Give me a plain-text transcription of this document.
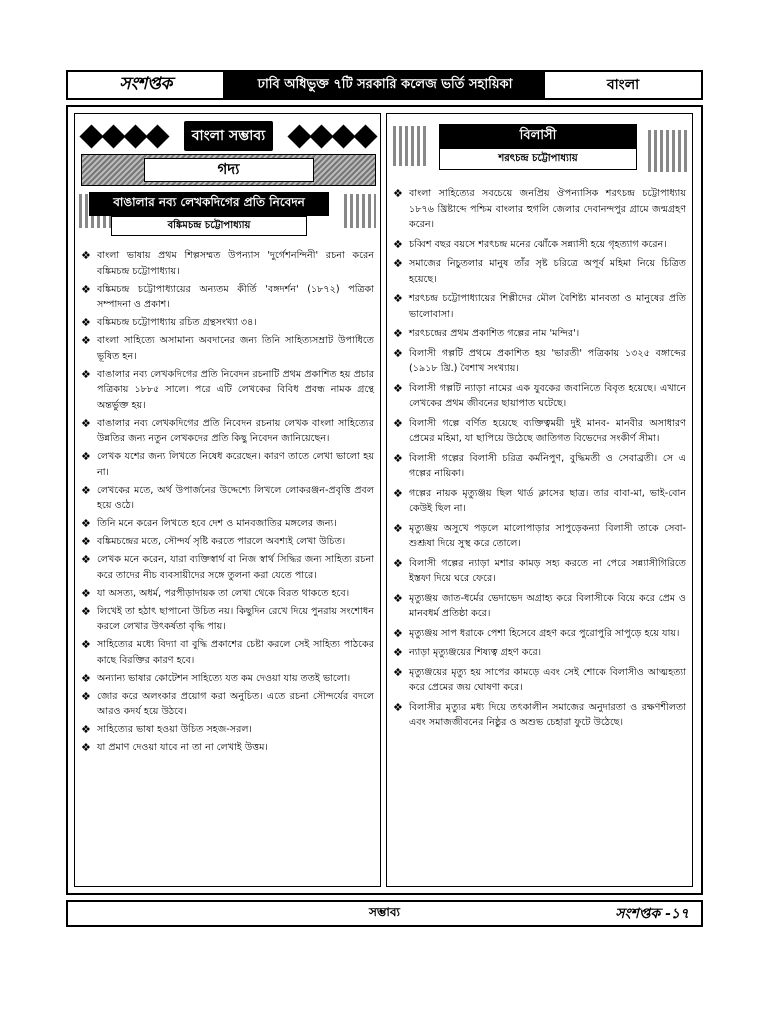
সংশপ্তক	ঢাবি অধিভুক্ত ৭টি সরকারি কলেজ ভর্তি সহায়িকা	বাংলা
বাংলা সম্ভাব্য
গদ্য
বাঙালার নব্য লেখকদিগের প্রতি নিবেদন
বঙ্কিমচন্দ্র চট্টোপাধ্যায়
❖ বাংলা ভাষায় প্রথম শিল্পসম্মত উপন্যাস 'দুর্গেশনন্দিনী' রচনা করেন বঙ্কিমচন্দ্র চট্টোপাধ্যায়।
❖ বঙ্কিমচন্দ্র চট্টোপাধ্যায়ের অন্যতম কীর্তি 'বঙ্গদর্শন' (১৮৭২) পত্রিকা সম্পাদনা ও প্রকাশ।
❖ বঙ্কিমচন্দ্র চট্টোপাধ্যায় রচিত গ্রন্থসংখ্যা ৩৪।
❖ বাংলা সাহিত্যে অসামান্য অবদানের জন্য তিনি সাহিত্যসম্রাট উপাধিতে ভূষিত হন।
❖ বাঙালার নব্য লেখকদিগের প্রতি নিবেদন রচনাটি প্রথম প্রকাশিত হয় প্রচার পত্রিকায় ১৮৮৫ সালে। পরে এটি লেখকের বিবিধ প্রবন্ধ নামক গ্রন্থে অন্তর্ভুক্ত হয়।
❖ বাঙালার নব্য লেখকদিগের প্রতি নিবেদন রচনায় লেখক বাংলা সাহিত্যের উন্নতির জন্য নতুন লেখকদের প্রতি কিছু নিবেদন জানিয়েছেন।
❖ লেখক যশের জন্য লিখতে নিষেধ করেছেন। কারণ তাতে লেখা ভালো হয় না।
❖ লেখকের মতে, অর্থ উপার্জনের উদ্দেশ্যে লিখলে লোকরঞ্জন-প্রবৃত্তি প্রবল হয়ে ওঠে।
❖ তিনি মনে করেন লিখতে হবে দেশ ও মানবজাতির মঙ্গলের জন্য।
❖ বঙ্কিমচন্দ্রের মতে, সৌন্দর্য সৃষ্টি করতে পারলে অবশ্যই লেখা উচিত।
❖ লেখক মনে করেন, যারা ব্যক্তিস্বার্থ বা নিজ স্বার্থ সিদ্ধির জন্য সাহিত্য রচনা করে তাদের নীচ ব্যবসায়ীদের সঙ্গে তুলনা করা যেতে পারে।
❖ যা অসত্য, অধর্ম, পরপীড়াদায়ক তা লেখা থেকে বিরত থাকতে হবে।
❖ লিখেই তা হঠাৎ ছাপানো উচিত নয়। কিছুদিন রেখে দিয়ে পুনরায় সংশোধন করলে লেখার উৎকর্ষতা বৃদ্ধি পায়।
❖ সাহিত্যের মধ্যে বিদ্যা বা বুদ্ধি প্রকাশের চেষ্টা করলে সেই সাহিত্য পাঠকের কাছে বিরক্তির কারণ হবে।
❖ অন্যান্য ভাষার কোটেশন সাহিত্যে যত কম দেওয়া যায় ততই ভালো।
❖ জোর করে অলংকার প্রয়োগ করা অনুচিত। এতে রচনা সৌন্দর্যের বদলে আরও কদর্য হয়ে উঠবে।
❖ সাহিত্যের ভাষা হওয়া উচিত সহজ-সরল।
❖ যা প্রমাণ দেওয়া যাবে না তা না লেখাই উত্তম।
বিলাসী
শরৎচন্দ্র চট্টোপাধ্যায়
❖ বাংলা সাহিত্যের সবচেয়ে জনপ্রিয় ঔপন্যাসিক শরৎচন্দ্র চট্টোপাধ্যায় ১৮৭৬ খ্রিষ্টাব্দে পশ্চিম বাংলার হুগলি জেলার দেবানন্দপুর গ্রামে জন্মগ্রহণ করেন।
❖ চব্বিশ বছর বয়সে শরৎচন্দ্র মনের ঝোঁকে সন্ন্যাসী হয়ে গৃহত্যাগ করেন।
❖ সমাজের নিচুতলার মানুষ তাঁর সৃষ্ট চরিত্রে অপূর্ব মহিমা নিয়ে চিত্রিত হয়েছে।
❖ শরৎচন্দ্র চট্টোপাধ্যায়ের শিল্পীদের মৌল বৈশিষ্ট্য মানবতা ও মানুষের প্রতি ভালোবাসা।
❖ শরৎচন্দ্রের প্রথম প্রকাশিত গল্পের নাম 'মন্দির'।
❖ বিলাসী গল্পটি প্রথমে প্রকাশিত হয় 'ভারতী' পত্রিকায় ১৩২৫ বঙ্গাব্দের (১৯১৮ খ্রি.) বৈশাখ সংখ্যায়।
❖ বিলাসী গল্পটি ন্যাড়া নামের এক যুবকের জবানিতে বিবৃত হয়েছে। এখানে লেখকের প্রথম জীবনের ছায়াপাত ঘটেছে।
❖ বিলাসী গল্পে বর্ণিত হয়েছে ব্যক্তিত্বময়ী দুই মানব- মানবীর অসাধারণ প্রেমের মহিমা, যা ছাপিয়ে উঠেছে জাতিগত বিভেদের সংকীর্ণ সীমা।
❖ বিলাসী গল্পের বিলাসী চরিত্র কর্মনিপুণ, বুদ্ধিমতী ও সেবাব্রতী। সে এ গল্পের নায়িকা।
❖ গল্পের নায়ক মৃত্যুঞ্জয় ছিল থার্ড ক্লাসের ছাত্র। তার বাবা-মা, ভাই-বোন কেউই ছিল না।
❖ মৃত্যুঞ্জয় অসুখে পড়লে মালোপাড়ার সাপুড়েকন্যা বিলাসী তাকে সেবা-শুশ্রূষা দিয়ে সুস্থ করে তোলে।
❖ বিলাসী গল্পের ন্যাড়া মশার কামড় সহ্য করতে না পেরে সন্ন্যাসীগিরিতে ইস্তফা দিয়ে ঘরে ফেরে।
❖ মৃত্যুঞ্জয় জাত-ধর্মের ভেদাভেদ অগ্রাহ্য করে বিলাসীকে বিয়ে করে প্রেম ও মানবধর্ম প্রতিষ্ঠা করে।
❖ মৃত্যুঞ্জয় সাপ ধরাকে পেশা হিসেবে গ্রহণ করে পুরোপুরি সাপুড়ে হয়ে যায়।
❖ ন্যাড়া মৃত্যুঞ্জয়ের শিষ্যত্ব গ্রহণ করে।
❖ মৃত্যুঞ্জয়ের মৃত্যু হয় সাপের কামড়ে এবং সেই শোকে বিলাসীও আত্মহত্যা করে প্রেমের জয় ঘোষণা করে।
❖ বিলাসীর মৃত্যুর মধ্য দিয়ে তৎকালীন সমাজের অনুদারতা ও রক্ষণশীলতা এবং সমাজজীবনের নিষ্ঠুর ও অশুভ চেহারা ফুটে উঠেছে।
সম্ভাব্য	সংশপ্তক -১৭
